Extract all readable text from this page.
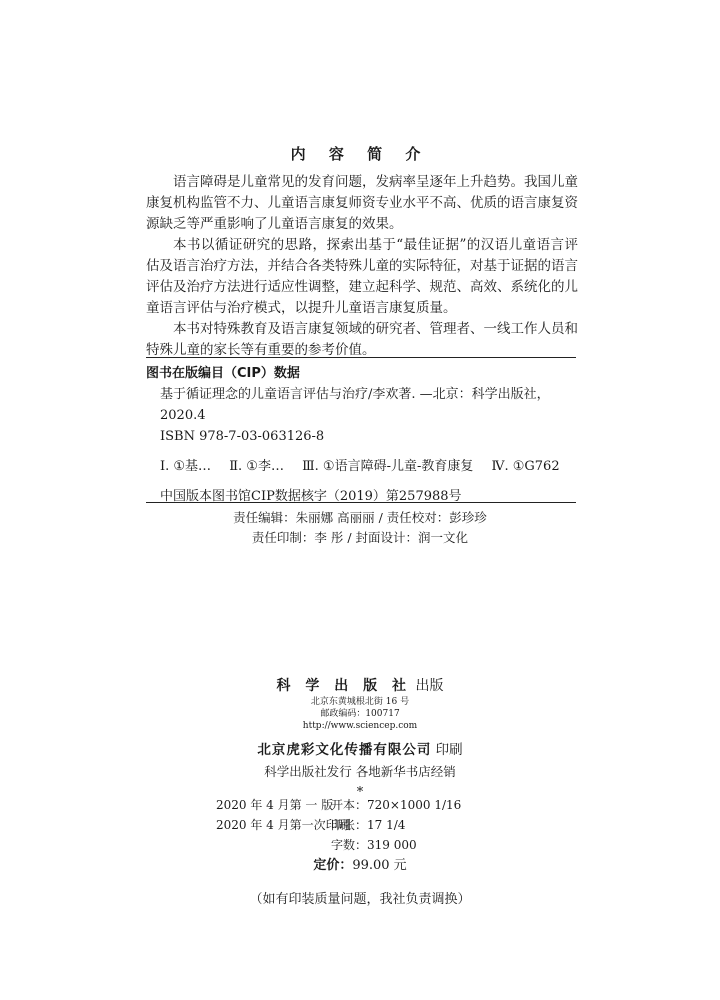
内 容 简 介

语言障碍是儿童常见的发育问题，发病率呈逐年上升趋势。我国儿童康复机构监管不力、儿童语言康复师资专业水平不高、优质的语言康复资源缺乏等严重影响了儿童语言康复的效果。

本书以循证研究的思路，探索出基于“最佳证据”的汉语儿童语言评估及语言治疗方法，并结合各类特殊儿童的实际特征，对基于证据的语言评估及治疗方法进行适应性调整，建立起科学、规范、高效、系统化的儿童语言评估与治疗模式，以提升儿童语言康复质量。

本书对特殊教育及语言康复领域的研究者、管理者、一线工作人员和特殊儿童的家长等有重要的参考价值。

图书在版编目（CIP）数据
基于循证理念的儿童语言评估与治疗/李欢著. —北京：科学出版社，
2020.4
ISBN 978-7-03-063126-8
Ⅰ. ①基… Ⅱ. ①李… Ⅲ. ①语言障碍-儿童-教育康复 Ⅳ. ①G762
中国版本图书馆CIP数据核字（2019）第257988号
责任编辑：朱丽娜 高丽丽 / 责任校对：彭珍珍
责任印制：李 彤 / 封面设计：润一文化
科 学 出 版 社 出版
北京东黄城根北街 16 号
邮政编码：100717
http://www.sciencep.com
北京虎彩文化传播有限公司 印刷
科学出版社发行 各地新华书店经销
*
2020 年 4 月第 一 版
开本：720×1000 1/16
2020 年 4 月第一次印刷
印张：17 1/4
字数：319 000
定价：99.00 元
（如有印装质量问题，我社负责调换）
